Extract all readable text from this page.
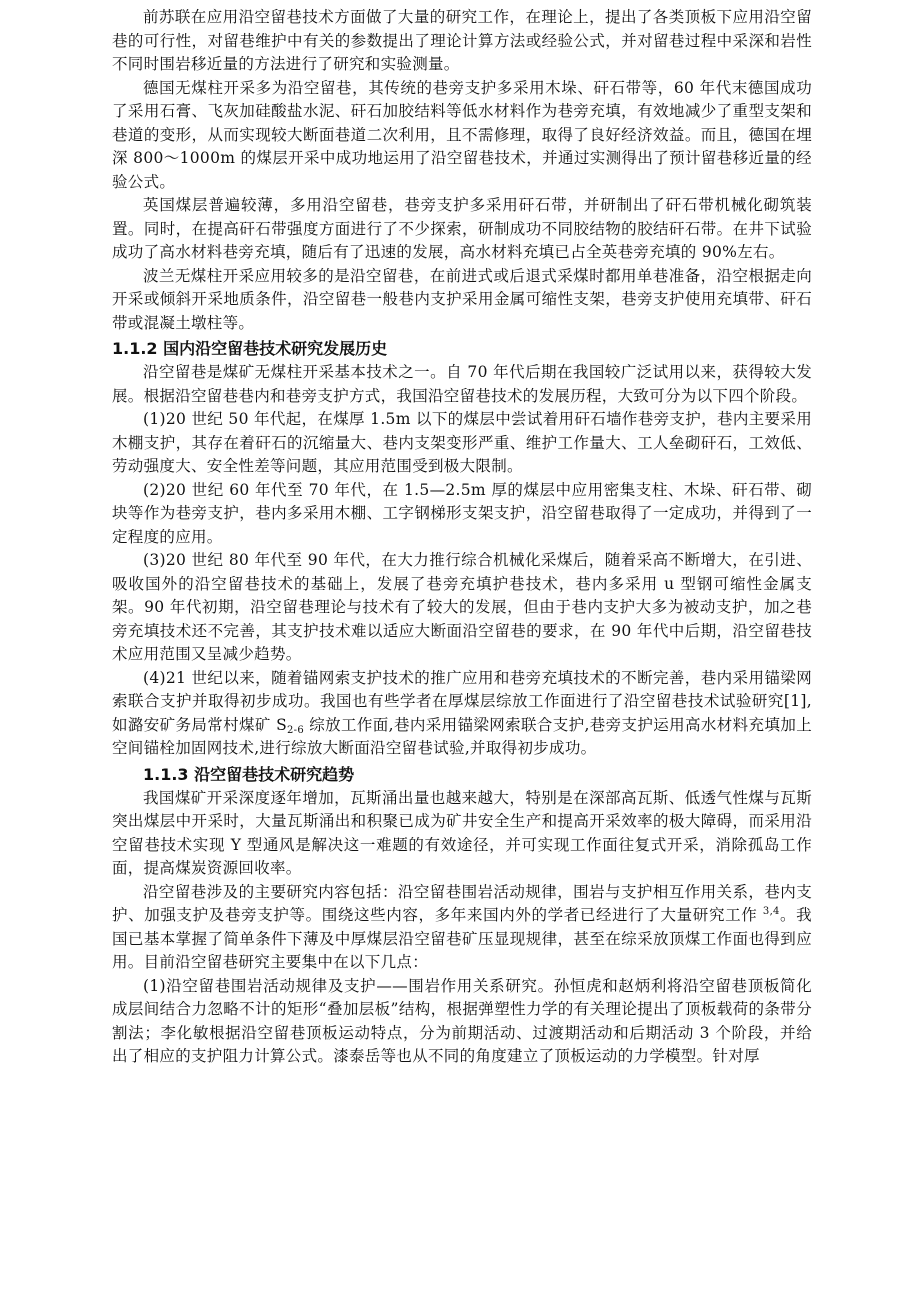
前苏联在应用沿空留巷技术方面做了大量的研究工作，在理论上，提出了各类顶板下应用沿空留巷的可行性，对留巷维护中有关的参数提出了理论计算方法或经验公式，并对留巷过程中采深和岩性不同时围岩移近量的方法进行了研究和实验测量。

德国无煤柱开采多为沿空留巷，其传统的巷旁支护多采用木垛、矸石带等，60 年代末德国成功了采用石膏、飞灰加硅酸盐水泥、矸石加胶结料等低水材料作为巷旁充填，有效地减少了重型支架和巷道的变形，从而实现较大断面巷道二次利用，且不需修理，取得了良好经济效益。而且，德国在埋深 800～1000m 的煤层开采中成功地运用了沿空留巷技术，并通过实测得出了预计留巷移近量的经验公式。

英国煤层普遍较薄，多用沿空留巷，巷旁支护多采用矸石带，并研制出了矸石带机械化砌筑装置。同时，在提高矸石带强度方面进行了不少探索，研制成功不同胶结物的胶结矸石带。在井下试验成功了高水材料巷旁充填，随后有了迅速的发展，高水材料充填已占全英巷旁充填的 90%左右。

波兰无煤柱开采应用较多的是沿空留巷，在前进式或后退式采煤时都用单巷准备，沿空根据走向开采或倾斜开采地质条件，沿空留巷一般巷内支护采用金属可缩性支架，巷旁支护使用充填带、矸石带或混凝土墩柱等。

1.1.2 国内沿空留巷技术研究发展历史

沿空留巷是煤矿无煤柱开采基本技术之一。自 70 年代后期在我国较广泛试用以来，获得较大发展。根据沿空留巷巷内和巷旁支护方式，我国沿空留巷技术的发展历程，大致可分为以下四个阶段。

(1)20 世纪 50 年代起，在煤厚 1.5m 以下的煤层中尝试着用矸石墙作巷旁支护，巷内主要采用木棚支护，其存在着矸石的沉缩量大、巷内支架变形严重、维护工作量大、工人垒砌矸石，工效低、劳动强度大、安全性差等问题，其应用范围受到极大限制。

(2)20 世纪 60 年代至 70 年代，在 1.5—2.5m 厚的煤层中应用密集支柱、木垛、矸石带、砌块等作为巷旁支护，巷内多采用木棚、工字钢梯形支架支护，沿空留巷取得了一定成功，并得到了一定程度的应用。

(3)20 世纪 80 年代至 90 年代，在大力推行综合机械化采煤后，随着采高不断增大，在引进、吸收国外的沿空留巷技术的基础上，发展了巷旁充填护巷技术，巷内多采用 u 型钢可缩性金属支架。90 年代初期，沿空留巷理论与技术有了较大的发展，但由于巷内支护大多为被动支护，加之巷旁充填技术还不完善，其支护技术难以适应大断面沿空留巷的要求，在 90 年代中后期，沿空留巷技术应用范围又呈减少趋势。

(4)21 世纪以来，随着锚网索支护技术的推广应用和巷旁充填技术的不断完善，巷内采用锚梁网索联合支护并取得初步成功。我国也有些学者在厚煤层综放工作面进行了沿空留巷技术试验研究[1],如潞安矿务局常村煤矿 $S_{2-6}$ 综放工作面,巷内采用锚梁网索联合支护,巷旁支护运用高水材料充填加上空间锚栓加固网技术,进行综放大断面沿空留巷试验,并取得初步成功。

1.1.3 沿空留巷技术研究趋势

我国煤矿开采深度逐年增加，瓦斯涌出量也越来越大，特别是在深部高瓦斯、低透气性煤与瓦斯突出煤层中开采时，大量瓦斯涌出和积聚已成为矿井安全生产和提高开采效率的极大障碍，而采用沿空留巷技术实现 Y 型通风是解决这一难题的有效途径，并可实现工作面往复式开采，消除孤岛工作面，提高煤炭资源回收率。

沿空留巷涉及的主要研究内容包括：沿空留巷围岩活动规律，围岩与支护相互作用关系，巷内支护、加强支护及巷旁支护等。围绕这些内容，多年来国内外的学者已经进行了大量研究工作 $^{3,4}$。我国已基本掌握了简单条件下薄及中厚煤层沿空留巷矿压显现规律，甚至在综采放顶煤工作面也得到应用。目前沿空留巷研究主要集中在以下几点：

(1)沿空留巷围岩活动规律及支护——围岩作用关系研究。孙恒虎和赵炳利将沿空留巷顶板简化成层间结合力忽略不计的矩形“叠加层板”结构，根据弹塑性力学的有关理论提出了顶板载荷的条带分割法；李化敏根据沿空留巷顶板运动特点，分为前期活动、过渡期活动和后期活动 3 个阶段，并给出了相应的支护阻力计算公式。漆泰岳等也从不同的角度建立了顶板运动的力学模型。针对厚
